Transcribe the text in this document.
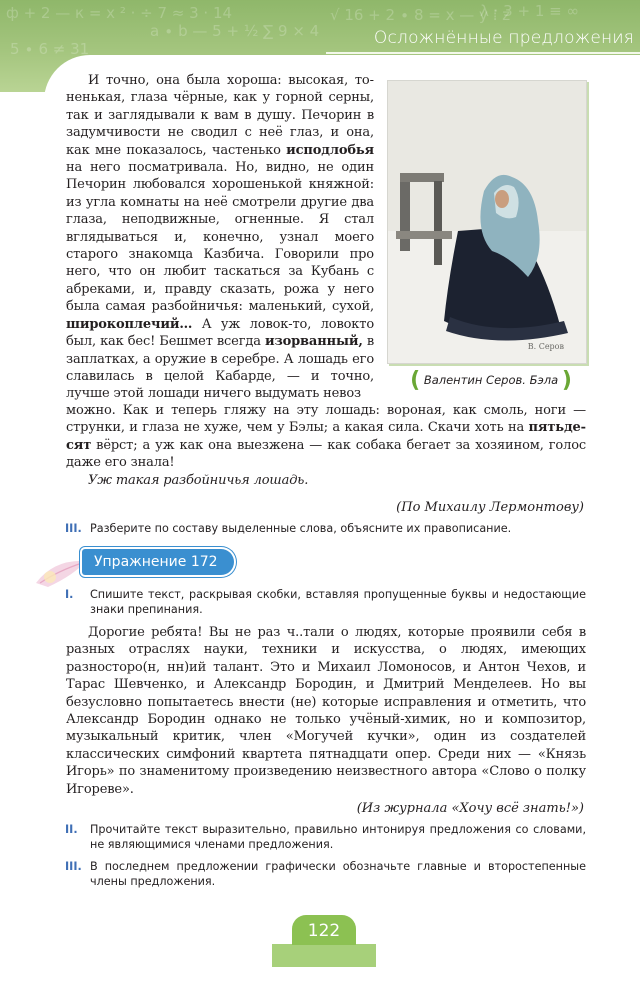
ф + 2 — к = x ² · ÷ 7 ≈ 3 · 14
a ∙ b — 5 + ½ ∑ 9 × 4
√ 16 + 2 ∙ 8 = x — y ⁞ z
5 ∙ 6 ≠ 31
λ · 3 + 1 ≡ ∞
Осложнённые предложения

И точно, она была хороша: высокая, тоненькая, глаза чёрные, как у горной серны, так и заглядывали к вам в душу. Печорин в задумчивости не сводил с неё глаз, и она, как мне показалось, частенько исподлобья на него посматривала. Но, видно, не один Печорин любовался хорошенькой княжной: из угла комнаты на неё смотрели другие два глаза, неподвижные, огненные. Я стал вглядываться и, конечно, узнал моего старого знакомца Казбича. Говорили про него, что он любит таскаться за Кубань с абреками, и, правду сказать, рожа у него была самая разбойничья: маленький, сухой, широкоплечий… А уж ловок-то, ловокто был, как бес! Бешмет всегда изорванный, в заплатках, а оружие в серебре. А лошадь его славилась в целой Кабарде, — и точно, лучше этой лошади ничего выдумать невоз

В. Серов
( Валентин Серов. Бэла )

можно. Как и теперь гляжу на эту лошадь: вороная, как смоль, ноги — струнки, и глаза не хуже, чем у Бэлы; а какая сила. Скачи хоть на пятьдесят вёрст; а уж как она выезжена — как собака бегает за хозяином, голос даже его знала!

Уж такая разбойничья лошадь.

(По Михаилу Лермонтову)
III. Разберите по составу выделенные слова, объясните их правописание.
Упражнение 172
I.	Спишите текст, раскрывая скобки, вставляя пропущенные буквы и недостающие знаки препинания.

Дорогие ребята! Вы не раз ч..тали о людях, которые проявили себя в разных отраслях науки, техники и искусства, о людях, имеющих разносторо(н, нн)ий талант. Это и Михаил Ломоносов, и Антон Чехов, и Тарас Шевченко, и Александр Бородин, и Дмитрий Менделеев. Но вы безусловно попытаетесь внести (не) которые исправления и отметить, что Александр Бородин однако не только учёный-химик, но и композитор, музыкальный критик, член «Могучей кучки», один из создателей классических симфоний квартета пятнадцати опер. Среди них — «Князь Игорь» по знаменитому произведению неизвестного автора «Слово о полку Игореве».

(Из журнала «Хочу всё знать!»)
II.	Прочитайте текст выразительно, правильно интонируя предложения со словами, не являющимися членами предложения.
III. В последнем предложении графически обозначьте главные и второстепенные члены предложения.
122
